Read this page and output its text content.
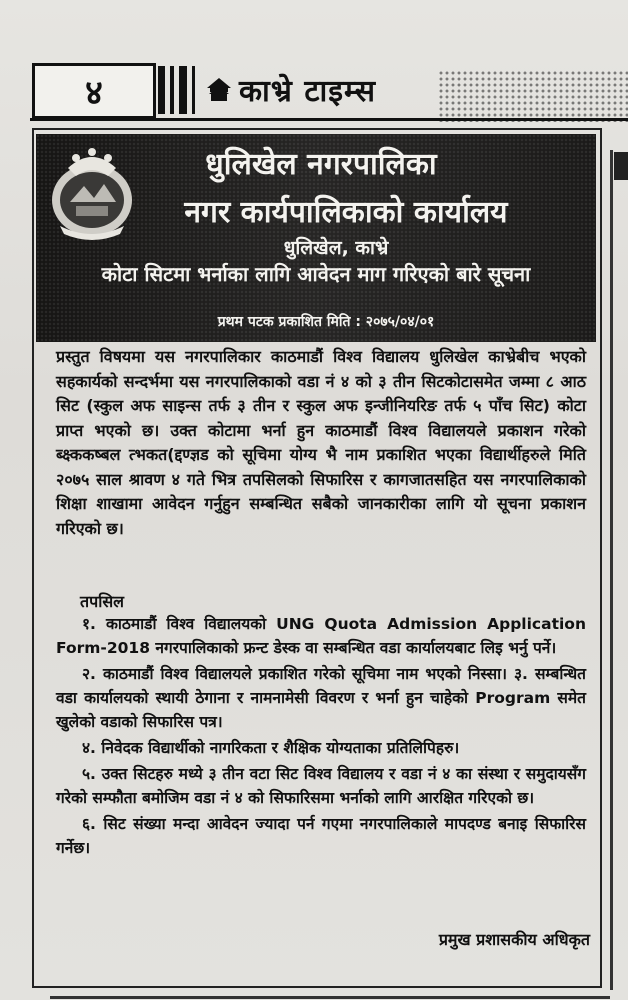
४	काभ्रे टाइम्स
धुलिखेल नगरपालिका
नगर कार्यपालिकाको कार्यालय
धुलिखेल, काभ्रे
कोटा सिटमा भर्नाका लागि आवेदन माग गरिएको बारे सूचना
प्रथम पटक प्रकाशित मिति : २०७५/०४/०१

प्रस्तुत विषयमा यस नगरपालिकार काठमाडौं विश्व विद्यालय धुलिखेल काभ्रेबीच भएको सहकार्यको सन्दर्भमा यस नगरपालिकाको वडा नं ४ को ३ तीन सिटकोटासमेत जम्मा ८ आठ सिट (स्कुल अफ साइन्स तर्फ ३ तीन र स्कुल अफ इन्जीनियरिङ तर्फ ५ पाँच सिट) कोटा प्राप्त भएको छ। उक्त कोटामा भर्ना हुन काठमाडौं विश्व विद्यालयले प्रकाशन गरेको ब्क्ष्ककष्बल त्भकत(द्दण्ज्ञड को सूचिमा योग्य भै नाम प्रकाशित भएका विद्यार्थीहरुले मिति २०७५ साल श्रावण ४ गते भित्र तपसिलको सिफारिस र कागजातसहित यस नगरपालिकाको शिक्षा शाखामा आवेदन गर्नुहुन सम्बन्धित सबैको जानकारीका लागि यो सूचना प्रकाशन गरिएको छ।

तपसिल
१. काठमाडौं विश्व विद्यालयको UNG Quota Admission Application Form-2018 नगरपालिकाको फ्रन्ट डेस्क वा सम्बन्धित वडा कार्यालयबाट लिइ भर्नु पर्ने।
२. काठमाडौं विश्व विद्यालयले प्रकाशित गरेको सूचिमा नाम भएको निस्सा। ३. सम्बन्धित वडा कार्यालयको स्थायी ठेगाना र नामनामेसी विवरण र भर्ना हुन चाहेको Program समेत खुलेको वडाको सिफारिस पत्र।
४. निवेदक विद्यार्थीको नागरिकता र शैक्षिक योग्यताका प्रतिलिपिहरु।
५. उक्त सिटहरु मध्ये ३ तीन वटा सिट विश्व विद्यालय र वडा नं ४ का संस्था र समुदायसँग गरेको सम्फौता बमोजिम वडा नं ४ को सिफारिसमा भर्नाको लागि आरक्षित गरिएको छ।
६. सिट संख्या मन्दा आवेदन ज्यादा पर्न गएमा नगरपालिकाले मापदण्ड बनाइ सिफारिस गर्नेछ।
प्रमुख प्रशासकीय अधिकृत
